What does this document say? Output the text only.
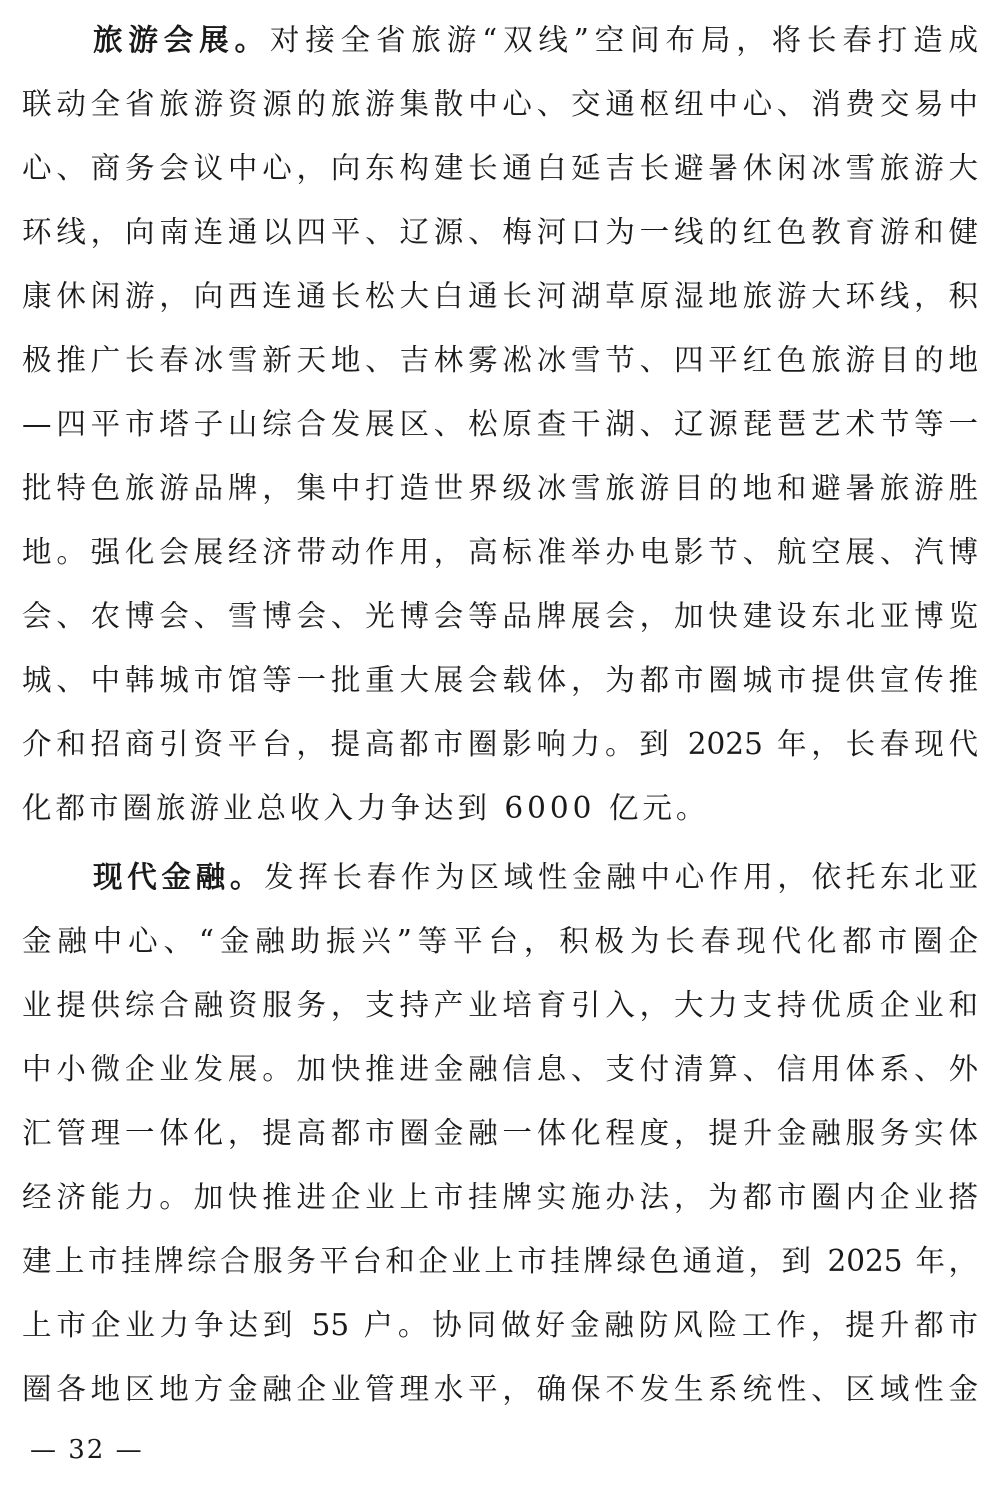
旅游会展。对接全省旅游“双线”空间布局，将长春打造成
联动全省旅游资源的旅游集散中心、交通枢纽中心、消费交易中
心、商务会议中心，向东构建长通白延吉长避暑休闲冰雪旅游大
环线，向南连通以四平、辽源、梅河口为一线的红色教育游和健
康休闲游，向西连通长松大白通长河湖草原湿地旅游大环线，积
极推广长春冰雪新天地、吉林雾凇冰雪节、四平红色旅游目的地
—四平市塔子山综合发展区、松原查干湖、辽源琵琶艺术节等一
批特色旅游品牌，集中打造世界级冰雪旅游目的地和避暑旅游胜
地。强化会展经济带动作用，高标准举办电影节、航空展、汽博
会、农博会、雪博会、光博会等品牌展会，加快建设东北亚博览
城、中韩城市馆等一批重大展会载体，为都市圈城市提供宣传推
介和招商引资平台，提高都市圈影响力。到 2025 年，长春现代
化都市圈旅游业总收入力争达到 6000 亿元。
现代金融。发挥长春作为区域性金融中心作用，依托东北亚
金融中心、“金融助振兴”等平台，积极为长春现代化都市圈企
业提供综合融资服务，支持产业培育引入，大力支持优质企业和
中小微企业发展。加快推进金融信息、支付清算、信用体系、外
汇管理一体化，提高都市圈金融一体化程度，提升金融服务实体
经济能力。加快推进企业上市挂牌实施办法，为都市圈内企业搭
建上市挂牌综合服务平台和企业上市挂牌绿色通道，到 2025 年，
上市企业力争达到 55 户。协同做好金融防风险工作，提升都市
圈各地区地方金融企业管理水平，确保不发生系统性、区域性金
— 32 —
